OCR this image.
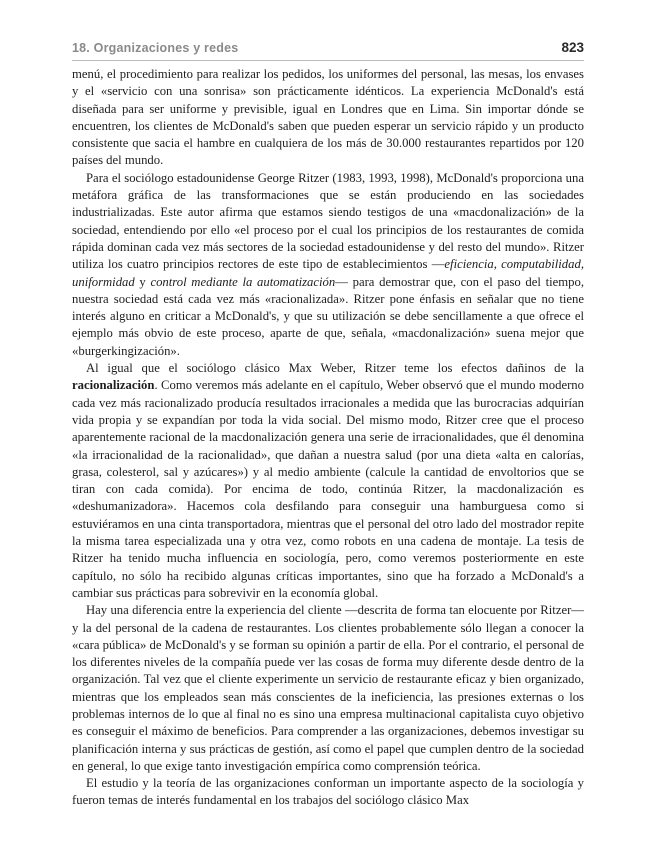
18. Organizaciones y redes	823

menú, el procedimiento para realizar los pedidos, los uniformes del personal, las mesas, los envases y el «servicio con una sonrisa» son prácticamente idénticos. La experiencia McDonald's está diseñada para ser uniforme y previsible, igual en Londres que en Lima. Sin importar dónde se encuentren, los clientes de McDonald's saben que pueden esperar un servicio rápido y un producto consistente que sacia el hambre en cualquiera de los más de 30.000 restaurantes repartidos por 120 países del mundo.

Para el sociólogo estadounidense George Ritzer (1983, 1993, 1998), McDonald's proporciona una metáfora gráfica de las transformaciones que se están produciendo en las sociedades industrializadas. Este autor afirma que estamos siendo testigos de una «macdonalización» de la sociedad, entendiendo por ello «el proceso por el cual los principios de los restaurantes de comida rápida dominan cada vez más sectores de la sociedad estadounidense y del resto del mundo». Ritzer utiliza los cuatro principios rectores de este tipo de establecimientos —eficiencia, computabilidad, uniformidad y control mediante la automatización— para demostrar que, con el paso del tiempo, nuestra sociedad está cada vez más «racionalizada». Ritzer pone énfasis en señalar que no tiene interés alguno en criticar a McDonald's, y que su utilización se debe sencillamente a que ofrece el ejemplo más obvio de este proceso, aparte de que, señala, «macdonalización» suena mejor que «burgerkingización».

Al igual que el sociólogo clásico Max Weber, Ritzer teme los efectos dañinos de la racionalización. Como veremos más adelante en el capítulo, Weber observó que el mundo moderno cada vez más racionalizado producía resultados irracionales a medida que las burocracias adquirían vida propia y se expandían por toda la vida social. Del mismo modo, Ritzer cree que el proceso aparentemente racional de la macdonalización genera una serie de irracionalidades, que él denomina «la irracionalidad de la racionalidad», que dañan a nuestra salud (por una dieta «alta en calorías, grasa, colesterol, sal y azúcares») y al medio ambiente (calcule la cantidad de envoltorios que se tiran con cada comida). Por encima de todo, continúa Ritzer, la macdonalización es «deshumanizadora». Hacemos cola desfilando para conseguir una hamburguesa como si estuviéramos en una cinta transportadora, mientras que el personal del otro lado del mostrador repite la misma tarea especializada una y otra vez, como robots en una cadena de montaje. La tesis de Ritzer ha tenido mucha influencia en sociología, pero, como veremos posteriormente en este capítulo, no sólo ha recibido algunas críticas importantes, sino que ha forzado a McDonald's a cambiar sus prácticas para sobrevivir en la economía global.

Hay una diferencia entre la experiencia del cliente —descrita de forma tan elocuente por Ritzer— y la del personal de la cadena de restaurantes. Los clientes probablemente sólo llegan a conocer la «cara pública» de McDonald's y se forman su opinión a partir de ella. Por el contrario, el personal de los diferentes niveles de la compañía puede ver las cosas de forma muy diferente desde dentro de la organización. Tal vez que el cliente experimente un servicio de restaurante eficaz y bien organizado, mientras que los empleados sean más conscientes de la ineficiencia, las presiones externas o los problemas internos de lo que al final no es sino una empresa multinacional capitalista cuyo objetivo es conseguir el máximo de beneficios. Para comprender a las organizaciones, debemos investigar su planificación interna y sus prácticas de gestión, así como el papel que cumplen dentro de la sociedad en general, lo que exige tanto investigación empírica como comprensión teórica.

El estudio y la teoría de las organizaciones conforman un importante aspecto de la sociología y fueron temas de interés fundamental en los trabajos del sociólogo clásico Max
